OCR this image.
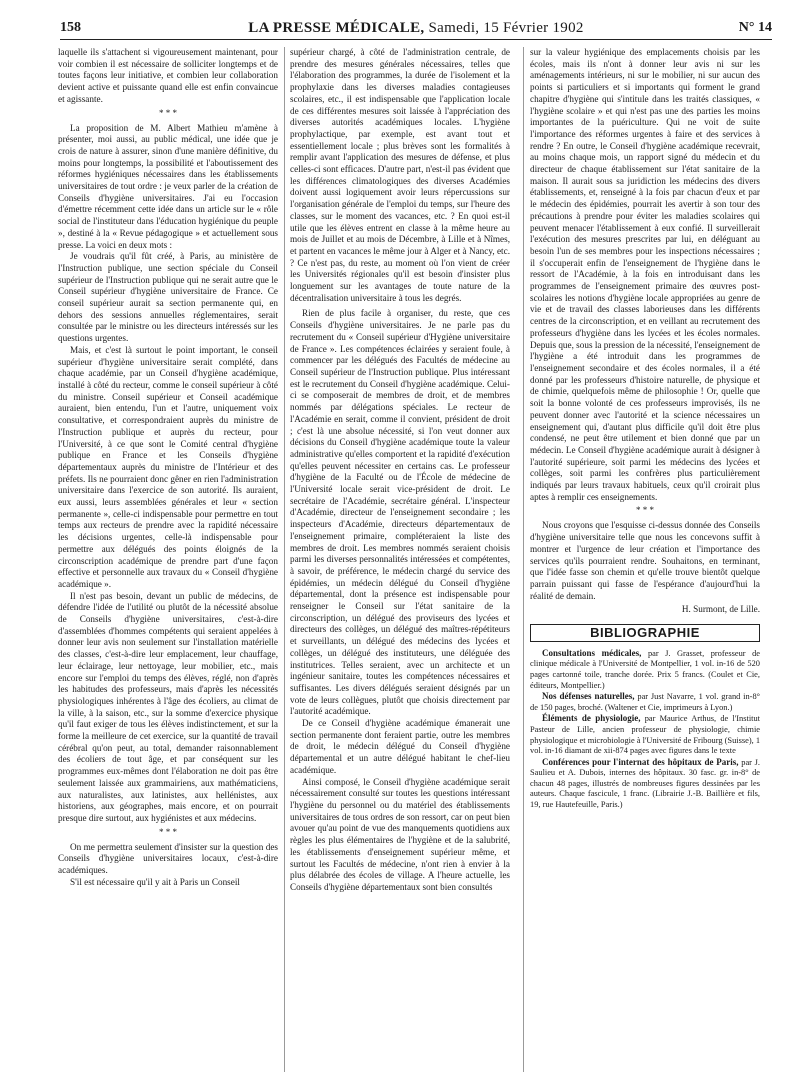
158	LA PRESSE MÉDICALE, Samedi, 15 Février 1902	N° 14

laquelle ils s'attachent si vigoureusement maintenant, pour voir combien il est nécessaire de solliciter longtemps et de toutes façons leur initiative, et combien leur collaboration devient active et puissante quand elle est enfin convaincue et agissante.

* * *

La proposition de M. Albert Mathieu m'amène à présenter, moi aussi, au public médical, une idée que je crois de nature à assurer, sinon d'une manière définitive, du moins pour longtemps, la possibilité et l'aboutissement des réformes hygiéniques nécessaires dans les établissements universitaires de tout ordre : je veux parler de la création de Conseils d'hygiène universitaires. J'ai eu l'occasion d'émettre récemment cette idée dans un article sur le « rôle social de l'instituteur dans l'éducation hygiénique du peuple », destiné à la « Revue pédagogique » et actuellement sous presse. La voici en deux mots :

Je voudrais qu'il fût créé, à Paris, au ministère de l'Instruction publique, une section spéciale du Conseil supérieur de l'Instruction publique qui ne serait autre que le Conseil supérieur d'hygiène universitaire de France. Ce conseil supérieur aurait sa section permanente qui, en dehors des sessions annuelles réglementaires, serait consultée par le ministre ou les directeurs intéressés sur les questions urgentes.

Mais, et c'est là surtout le point important, le conseil supérieur d'hygiène universitaire serait complété, dans chaque académie, par un Conseil d'hygiène académique, installé à côté du recteur, comme le conseil supérieur à côté du ministre. Conseil supérieur et Conseil académique auraient, bien entendu, l'un et l'autre, uniquement voix consultative, et correspondraient auprès du ministre de l'Instruction publique et auprès du recteur, pour l'Université, à ce que sont le Comité central d'hygiène publique en France et les Conseils d'hygiène départementaux auprès du ministre de l'Intérieur et des préfets. Ils ne pourraient donc gêner en rien l'administration universitaire dans l'exercice de son autorité. Ils auraient, eux aussi, leurs assemblées générales et leur « section permanente », celle-ci indispensable pour permettre en tout temps aux recteurs de prendre avec la rapidité nécessaire les décisions urgentes, celle-là indispensable pour permettre aux délégués des points éloignés de la circonscription académique de prendre part d'une façon effective et personnelle aux travaux du « Conseil d'hygiène académique ».

Il n'est pas besoin, devant un public de médecins, de défendre l'idée de l'utilité ou plutôt de la nécessité absolue de Conseils d'hygiène universitaires, c'est-à-dire d'assemblées d'hommes compétents qui seraient appelées à donner leur avis non seulement sur l'installation matérielle des classes, c'est-à-dire leur emplacement, leur chauffage, leur éclairage, leur nettoyage, leur mobilier, etc., mais encore sur l'emploi du temps des élèves, réglé, non d'après les habitudes des professeurs, mais d'après les nécessités physiologiques inhérentes à l'âge des écoliers, au climat de la ville, à la saison, etc., sur la somme d'exercice physique qu'il faut exiger de tous les élèves indistinctement, et sur la forme la meilleure de cet exercice, sur la quantité de travail cérébral qu'on peut, au total, demander raisonnablement des écoliers de tout âge, et par conséquent sur les programmes eux-mêmes dont l'élaboration ne doit pas être seulement laissée aux grammairiens, aux mathématiciens, aux naturalistes, aux latinistes, aux hellénistes, aux historiens, aux géographes, mais encore, et on pourrait presque dire surtout, aux hygiénistes et aux médecins.

* * *

On me permettra seulement d'insister sur la question des Conseils d'hygiène universitaires locaux, c'est-à-dire académiques.

S'il est nécessaire qu'il y ait à Paris un Conseil

supérieur chargé, à côté de l'administration centrale, de prendre des mesures générales nécessaires, telles que l'élaboration des programmes, la durée de l'isolement et la prophylaxie dans les diverses maladies contagieuses scolaires, etc., il est indispensable que l'application locale de ces différentes mesures soit laissée à l'appréciation des diverses autorités académiques locales. L'hygiène prophylactique, par exemple, est avant tout et essentiellement locale ; plus brèves sont les formalités à remplir avant l'application des mesures de défense, et plus celles-ci sont efficaces. D'autre part, n'est-il pas évident que les différences climatologiques des diverses Académies doivent aussi logiquement avoir leurs répercussions sur l'organisation générale de l'emploi du temps, sur l'heure des classes, sur le moment des vacances, etc. ? En quoi est-il utile que les élèves entrent en classe à la même heure au mois de Juillet et au mois de Décembre, à Lille et à Nîmes, et partent en vacances le même jour à Alger et à Nancy, etc. ? Ce n'est pas, du reste, au moment où l'on vient de créer les Universités régionales qu'il est besoin d'insister plus longuement sur les avantages de toute nature de la décentralisation universitaire à tous les degrés.

Rien de plus facile à organiser, du reste, que ces Conseils d'hygiène universitaires. Je ne parle pas du recrutement du « Conseil supérieur d'Hygiène universitaire de France ». Les compétences éclairées y seraient foule, à commencer par les délégués des Facultés de médecine au Conseil supérieur de l'Instruction publique. Plus intéressant est le recrutement du Conseil d'hygiène académique. Celui-ci se composerait de membres de droit, et de membres nommés par délégations spéciales. Le recteur de l'Académie en serait, comme il convient, président de droit ; c'est là une absolue nécessité, si l'on veut donner aux décisions du Conseil d'hygiène académique toute la valeur administrative qu'elles comportent et la rapidité d'exécution qu'elles peuvent nécessiter en certains cas. Le professeur d'hygiène de la Faculté ou de l'École de médecine de l'Université locale serait vice-président de droit. Le secrétaire de l'Académie, secrétaire général. L'inspecteur d'Académie, directeur de l'enseignement secondaire ; les inspecteurs d'Académie, directeurs départementaux de l'enseignement primaire, compléteraient la liste des membres de droit. Les membres nommés seraient choisis parmi les diverses personnalités intéressées et compétentes, à savoir, de préférence, le médecin chargé du service des épidémies, un médecin délégué du Conseil d'hygiène départemental, dont la présence est indispensable pour renseigner le Conseil sur l'état sanitaire de la circonscription, un délégué des proviseurs des lycées et directeurs des collèges, un délégué des maîtres-répétiteurs et surveillants, un délégué des médecins des lycées et collèges, un délégué des instituteurs, une déléguée des institutrices. Telles seraient, avec un architecte et un ingénieur sanitaire, toutes les compétences nécessaires et suffisantes. Les divers délégués seraient désignés par un vote de leurs collègues, plutôt que choisis directement par l'autorité académique.

De ce Conseil d'hygiène académique émanerait une section permanente dont feraient partie, outre les membres de droit, le médecin délégué du Conseil d'hygiène départemental et un autre délégué habitant le chef-lieu académique.

Ainsi composé, le Conseil d'hygiène académique serait nécessairement consulté sur toutes les questions intéressant l'hygiène du personnel ou du matériel des établissements universitaires de tous ordres de son ressort, car on peut bien avouer qu'au point de vue des manquements quotidiens aux règles les plus élémentaires de l'hygiène et de la salubrité, les établissements d'enseignement supérieur même, et surtout les Facultés de médecine, n'ont rien à envier à la plus délabrée des écoles de village. A l'heure actuelle, les Conseils d'hygiène départementaux sont bien consultés

sur la valeur hygiénique des emplacements choisis par les écoles, mais ils n'ont à donner leur avis ni sur les aménagements intérieurs, ni sur le mobilier, ni sur aucun des points si particuliers et si importants qui forment le grand chapitre d'hygiène qui s'intitule dans les traités classiques, « l'hygiène scolaire » et qui n'est pas une des parties les moins importantes de la puériculture. Qui ne voit de suite l'importance des réformes urgentes à faire et des services à rendre ? En outre, le Conseil d'hygiène académique recevrait, au moins chaque mois, un rapport signé du médecin et du directeur de chaque établissement sur l'état sanitaire de la maison. Il aurait sous sa juridiction les médecins des divers établissements, et, renseigné à la fois par chacun d'eux et par le médecin des épidémies, pourrait les avertir à son tour des précautions à prendre pour éviter les maladies scolaires qui peuvent menacer l'établissement à eux confié. Il surveillerait l'exécution des mesures prescrites par lui, en déléguant au besoin l'un de ses membres pour les inspections nécessaires ; il s'occuperait enfin de l'enseignement de l'hygiène dans le ressort de l'Académie, à la fois en introduisant dans les programmes de l'enseignement primaire des œuvres post-scolaires les notions d'hygiène locale appropriées au genre de vie et de travail des classes laborieuses dans les différents centres de la circonscription, et en veillant au recrutement des professeurs d'hygiène dans les lycées et les écoles normales. Depuis que, sous la pression de la nécessité, l'enseignement de l'hygiène a été introduit dans les programmes de l'enseignement secondaire et des écoles normales, il a été donné par les professeurs d'histoire naturelle, de physique et de chimie, quelquefois même de philosophie ! Or, quelle que soit la bonne volonté de ces professeurs improvisés, ils ne peuvent donner avec l'autorité et la science nécessaires un enseignement qui, d'autant plus difficile qu'il doit être plus condensé, ne peut être utilement et bien donné que par un médecin. Le Conseil d'hygiène académique aurait à désigner à l'autorité supérieure, soit parmi les médecins des lycées et collèges, soit parmi les confrères plus particulièrement indiqués par leurs travaux habituels, ceux qu'il croirait plus aptes à remplir ces enseignements.

* * *

Nous croyons que l'esquisse ci-dessus donnée des Conseils d'hygiène universitaire telle que nous les concevons suffit à montrer et l'urgence de leur création et l'importance des services qu'ils pourraient rendre. Souhaitons, en terminant, que l'idée fasse son chemin et qu'elle trouve bientôt quelque parrain puissant qui fasse de l'espérance d'aujourd'hui la réalité de demain.

H. Surmont, de Lille.
BIBLIOGRAPHIE

Consultations médicales, par J. Grasset, professeur de clinique médicale à l'Université de Montpellier, 1 vol. in-16 de 520 pages cartonné toile, tranche dorée. Prix 5 francs. (Coulet et Cie, éditeurs, Montpellier.)

Nos défenses naturelles, par Just Navarre, 1 vol. grand in-8° de 150 pages, broché. (Waltener et Cie, imprimeurs à Lyon.)

Éléments de physiologie, par Maurice Arthus, de l'Institut Pasteur de Lille, ancien professeur de physiologie, chimie physiologique et microbiologie à l'Université de Fribourg (Suisse), 1 vol. in-16 diamant de xii-874 pages avec figures dans le texte

Conférences pour l'internat des hôpitaux de Paris, par J. Saulieu et A. Dubois, internes des hôpitaux. 30 fasc. gr. in-8° de chacun 48 pages, illustrés de nombreuses figures dessinées par les auteurs. Chaque fascicule, 1 franc. (Librairie J.-B. Baillière et fils, 19, rue Hautefeuille, Paris.)
